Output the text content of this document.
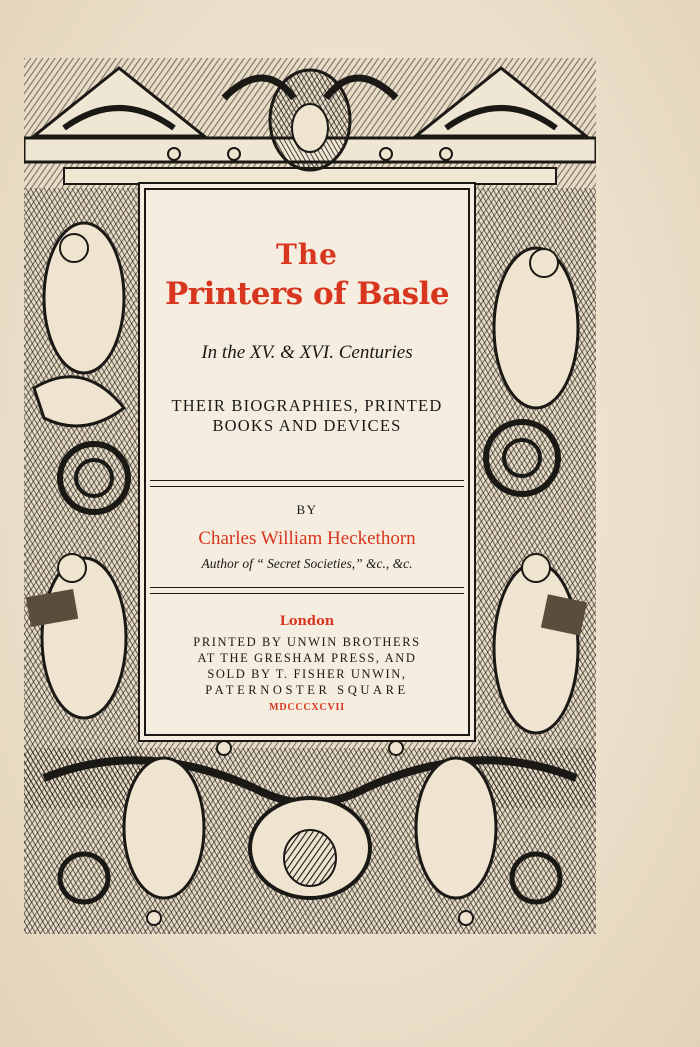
The
Printers of Basle
In the XV. & XVI. Centuries
THEIR BIOGRAPHIES, PRINTED
BOOKS AND DEVICES
BY
Charles William Heckethorn
Author of “ Secret Societies,” &c., &c.
London
PRINTED BY UNWIN BROTHERS
AT THE GRESHAM PRESS, AND
SOLD BY T. FISHER UNWIN,
PATERNOSTER SQUARE
MDCCCXCVII
